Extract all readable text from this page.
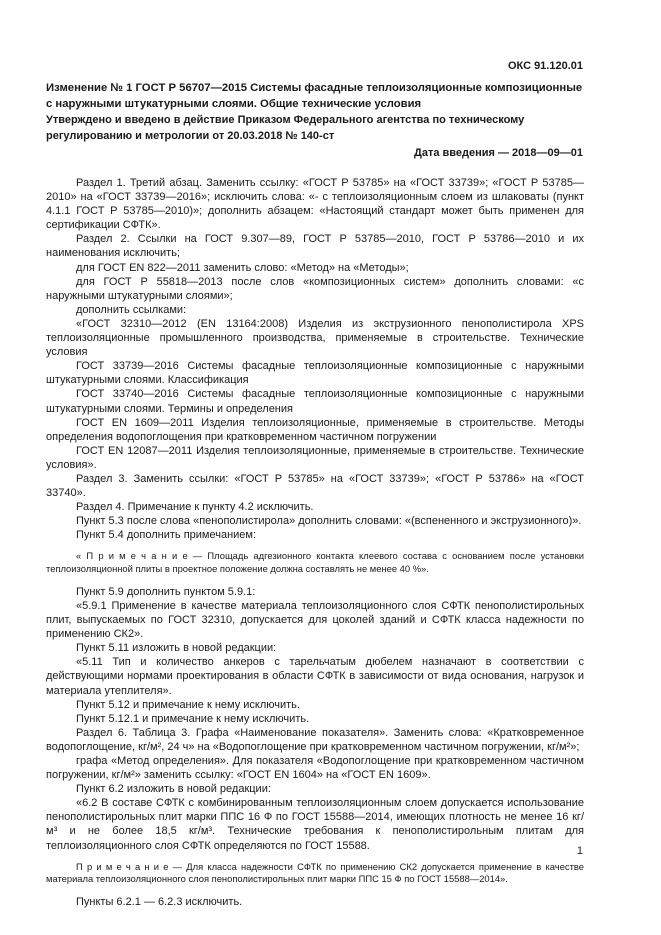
ОКС 91.120.01
Изменение № 1 ГОСТ Р 56707—2015 Системы фасадные теплоизоляционные композиционные с наружными штукатурными слоями. Общие технические условия
Утверждено и введено в действие Приказом Федерального агентства по техническому регулированию и метрологии от 20.03.2018 № 140-ст
Дата введения — 2018—09—01

Раздел 1. Третий абзац. Заменить ссылку: «ГОСТ Р 53785» на «ГОСТ 33739»; «ГОСТ Р 53785—2010» на «ГОСТ 33739—2016»; исключить слова: «- с теплоизоляционным слоем из шлаковаты (пункт 4.1.1 ГОСТ Р 53785—2010)»; дополнить абзацем: «Настоящий стандарт может быть применен для сертификации СФТК».

Раздел 2. Ссылки на ГОСТ 9.307—89, ГОСТ Р 53785—2010, ГОСТ Р 53786—2010 и их наименования исключить;

для ГОСТ EN 822—2011 заменить слово: «Метод» на «Методы»;

для ГОСТ Р 55818—2013 после слов «композиционных систем» дополнить словами: «с наружными штукатурными слоями»;

дополнить ссылками:

«ГОСТ 32310—2012 (EN 13164:2008) Изделия из экструзионного пенополистирола XPS теплоизоляционные промышленного производства, применяемые в строительстве. Технические условия

ГОСТ 33739—2016 Системы фасадные теплоизоляционные композиционные с наружными штукатурными слоями. Классификация

ГОСТ 33740—2016 Системы фасадные теплоизоляционные композиционные с наружными штукатурными слоями. Термины и определения

ГОСТ EN 1609—2011 Изделия теплоизоляционные, применяемые в строительстве. Методы определения водопоглощения при кратковременном частичном погружении

ГОСТ EN 12087—2011 Изделия теплоизоляционные, применяемые в строительстве. Технические условия».

Раздел 3. Заменить ссылки: «ГОСТ Р 53785» на «ГОСТ 33739»; «ГОСТ Р 53786» на «ГОСТ 33740».

Раздел 4. Примечание к пункту 4.2 исключить.

Пункт 5.3 после слова «пенополистирола» дополнить словами: «(вспененного и экструзионного)».

Пункт 5.4 дополнить примечанием:

« П р и м е ч а н и е — Площадь адгезионного контакта клеевого состава с основанием после установки теплоизоляционной плиты в проектное положение должна составлять не менее 40 %».

Пункт 5.9 дополнить пунктом 5.9.1:

«5.9.1 Применение в качестве материала теплоизоляционного слоя СФТК пенополистирольных плит, выпускаемых по ГОСТ 32310, допускается для цоколей зданий и СФТК класса надежности по применению СК2».

Пункт 5.11 изложить в новой редакции:

«5.11 Тип и количество анкеров с тарельчатым дюбелем назначают в соответствии с действующими нормами проектирования в области СФТК в зависимости от вида основания, нагрузок и материала утеплителя».

Пункт 5.12 и примечание к нему исключить.

Пункт 5.12.1 и примечание к нему исключить.

Раздел 6. Таблица 3. Графа «Наименование показателя». Заменить слова: «Кратковременное водопоглощение, кг/м², 24 ч» на «Водопоглощение при кратковременном частичном погружении, кг/м²»;

графа «Метод определения». Для показателя «Водопоглощение при кратковременном частичном погружении, кг/м²» заменить ссылку: «ГОСТ EN 1604» на «ГОСТ EN 1609».

Пункт 6.2 изложить в новой редакции:

«6.2 В составе СФТК с комбинированным теплоизоляционным слоем допускается использование пенополистирольных плит марки ППС 16 Ф по ГОСТ 15588—2014, имеющих плотность не менее 16 кг/м³ и не более 18,5 кг/м³. Технические требования к пенополистирольным плитам для теплоизоляционного слоя СФТК определяются по ГОСТ 15588.

П р и м е ч а н и е — Для класса надежности СФТК по применению СК2 допускается применение в качестве материала теплоизоляционного слоя пенополистирольных плит марки ППС 15 Ф по ГОСТ 15588—2014».

Пункты 6.2.1 — 6.2.3 исключить.

1
